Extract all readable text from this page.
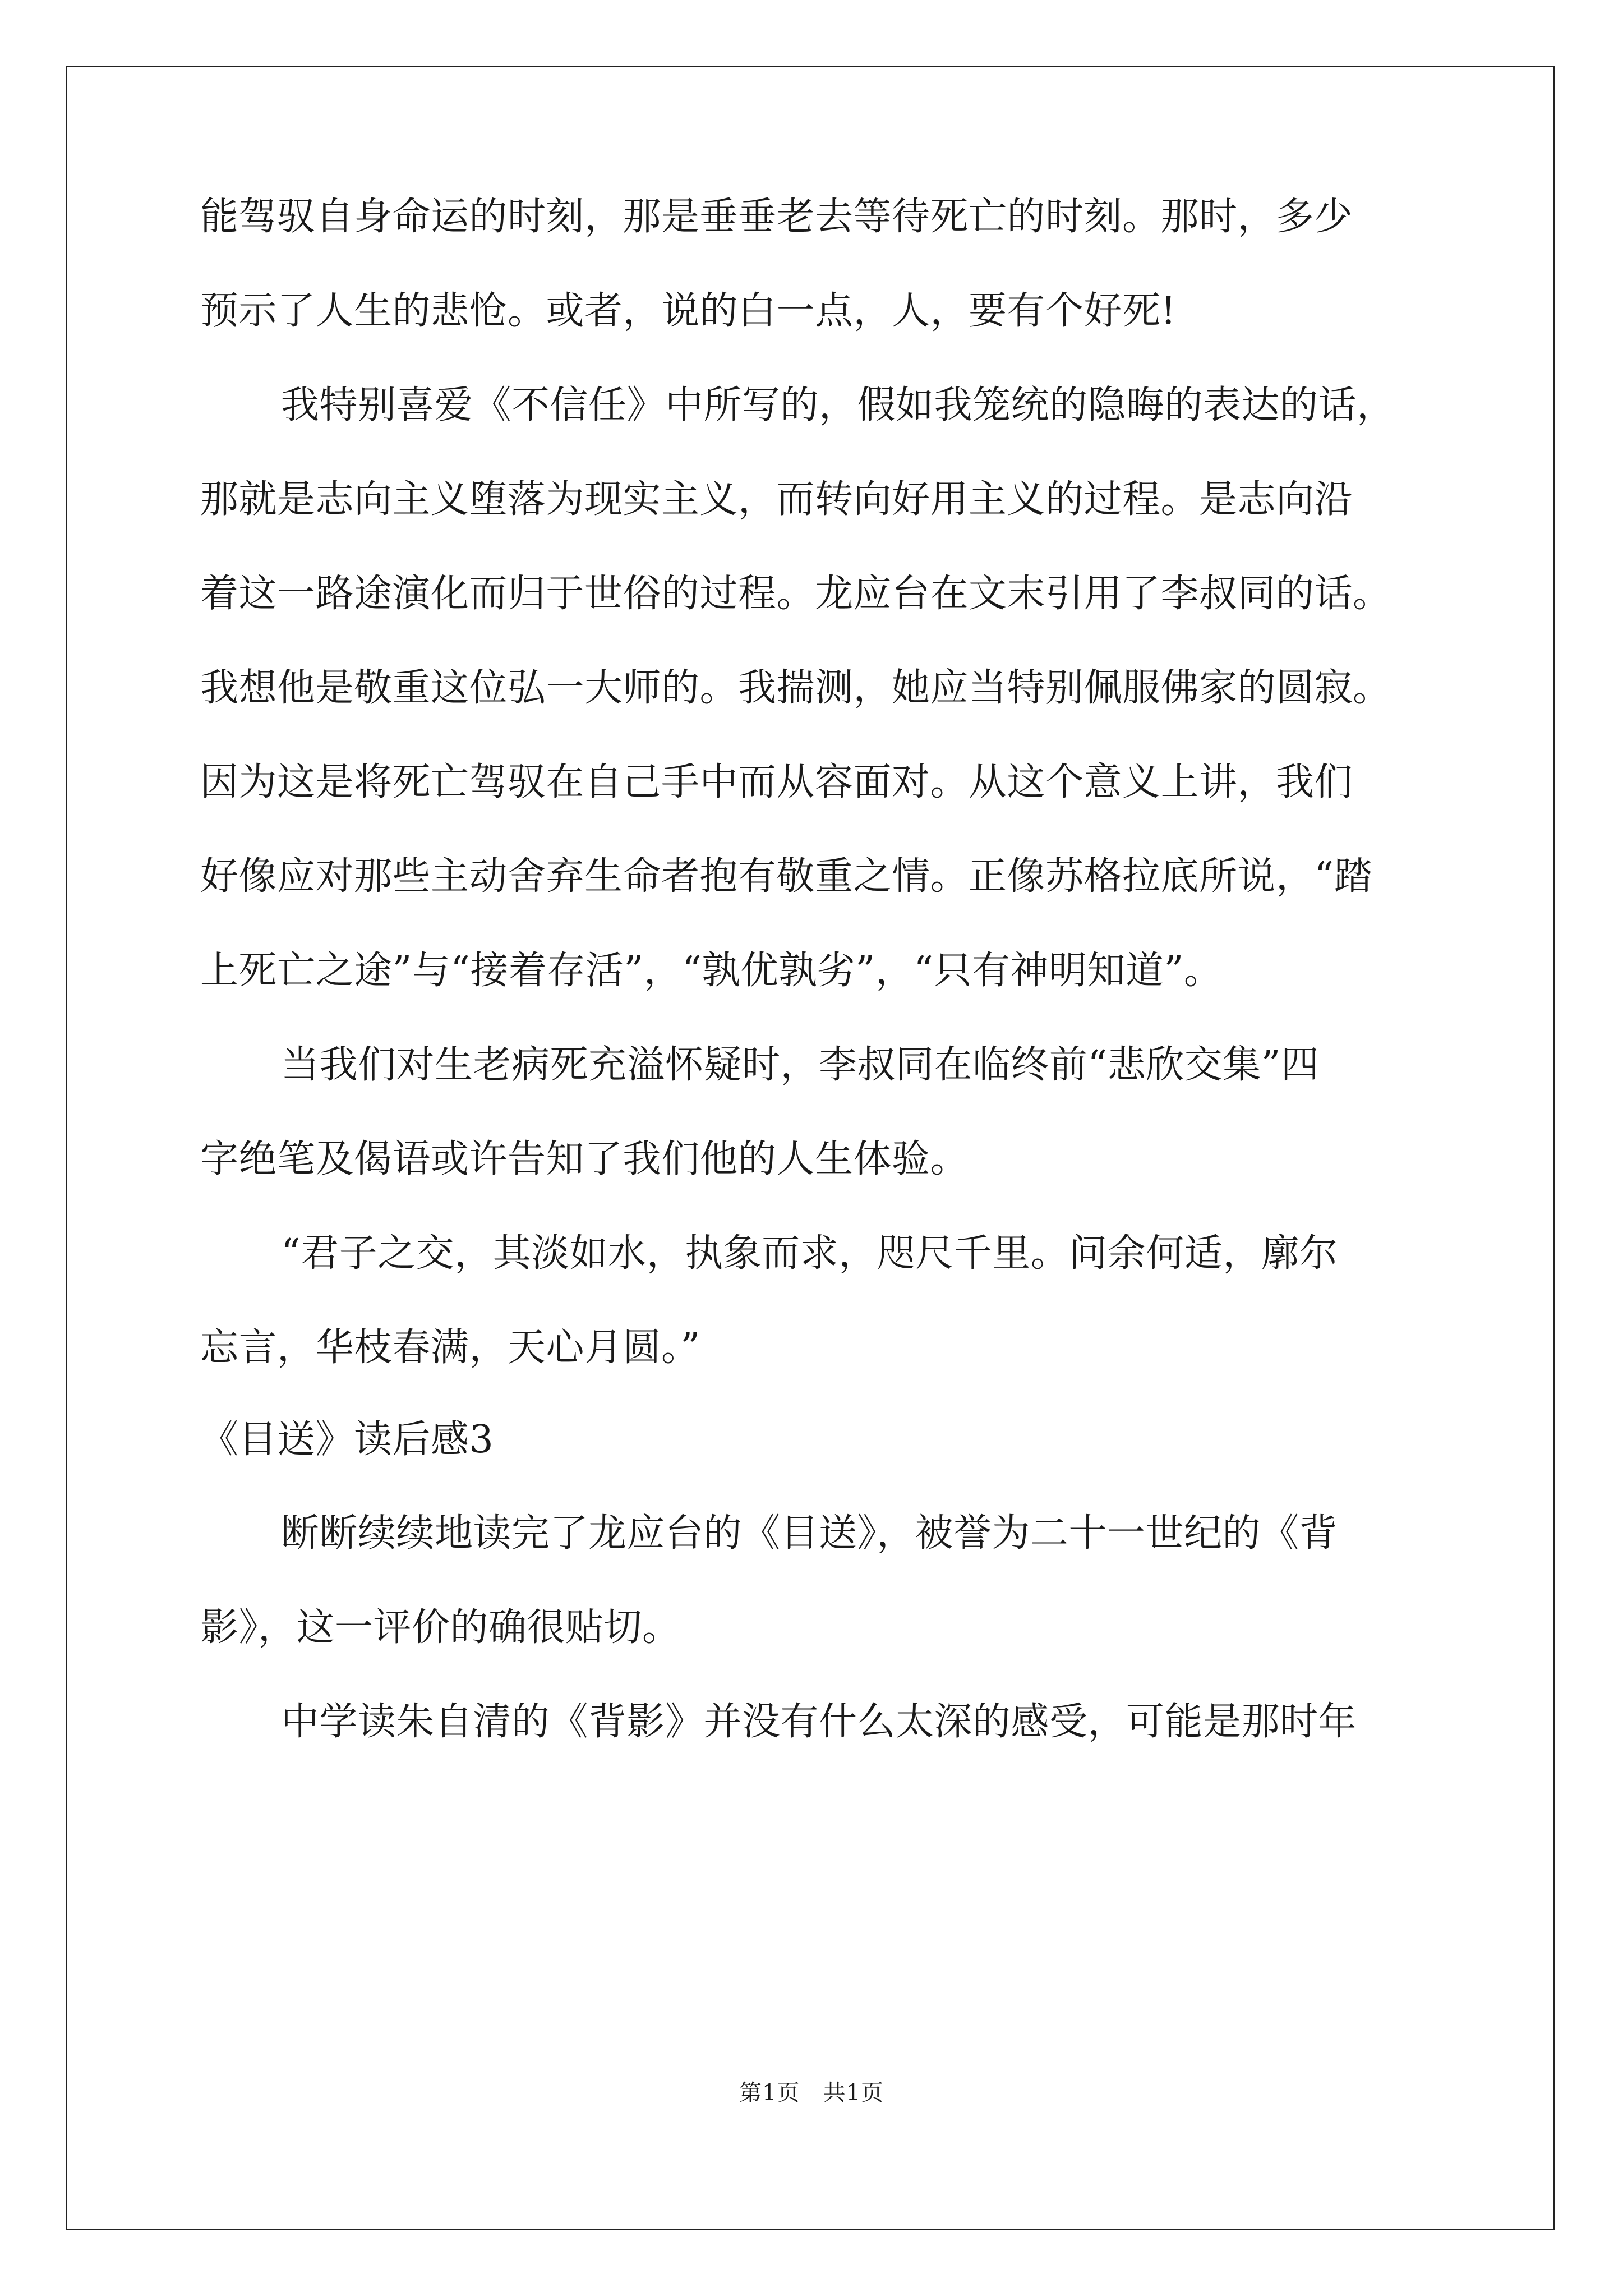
能驾驭自身命运的时刻，那是垂垂老去等待死亡的时刻。那时，多少
预示了人生的悲怆。或者，说的白一点，人，要有个好死!
我特别喜爱《不信任》中所写的，假如我笼统的隐晦的表达的话，
那就是志向主义堕落为现实主义，而转向好用主义的过程。是志向沿
着这一路途演化而归于世俗的过程。龙应台在文末引用了李叔同的话。
我想他是敬重这位弘一大师的。我揣测，她应当特别佩服佛家的圆寂。
因为这是将死亡驾驭在自己手中而从容面对。从这个意义上讲，我们
好像应对那些主动舍弃生命者抱有敬重之情。正像苏格拉底所说，“踏
上死亡之途”与“接着存活”，“孰优孰劣”，“只有神明知道”。
当我们对生老病死充溢怀疑时，李叔同在临终前“悲欣交集”四
字绝笔及偈语或许告知了我们他的人生体验。
“君子之交，其淡如水，执象而求，咫尺千里。问余何适，廓尔
忘言，华枝春满，天心月圆。”
《目送》读后感3
断断续续地读完了龙应台的《目送》，被誉为二十一世纪的《背
影》，这一评价的确很贴切。
中学读朱自清的《背影》并没有什么太深的感受，可能是那时年
第1页　共1页
